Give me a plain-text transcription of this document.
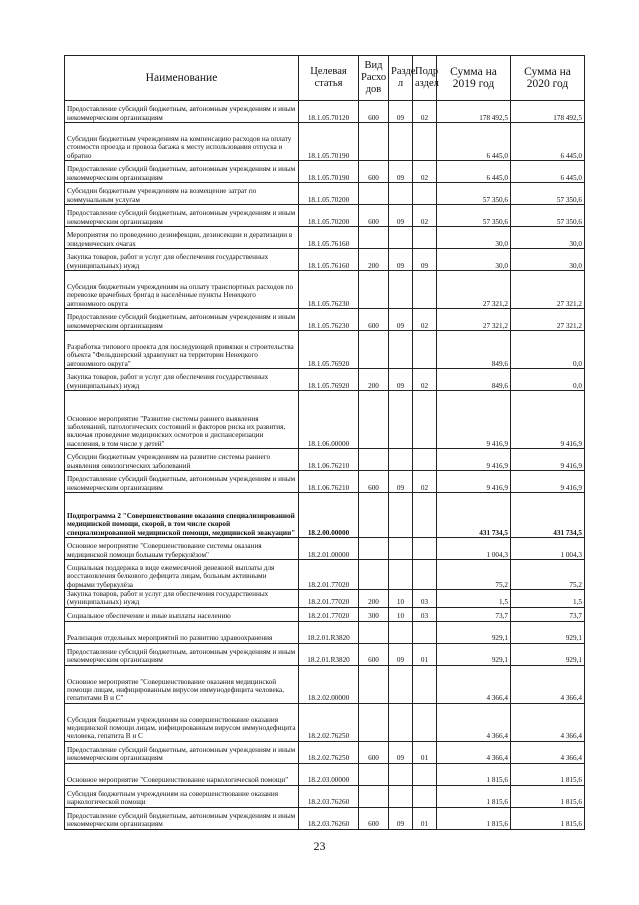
Наименование	Целевая статья	Вид Расхо дов	Разде л	Подр аздел	Сумма на 2019 год	Сумма на 2020 год
Предоставление субсидий бюджетным, автономным учреждениям и иным некоммерческим организациям	18.1.05.70120	600	09	02	178 492,5	178 492,5
Субсидии бюджетным учреждениям на компенсацию расходов на оплату стоимости проезда и провоза багажа к месту использования отпуска и обратно	18.1.05.70190				6 445,0	6 445,0
Предоставление субсидий бюджетным, автономным учреждениям и иным некоммерческим организациям	18.1.05.70190	600	09	02	6 445,0	6 445,0
Субсидии бюджетным учреждениям на возмещение затрат по коммунальным услугам	18.1.05.70200				57 350,6	57 350,6
Предоставление субсидий бюджетным, автономным учреждениям и иным некоммерческим организациям	18.1.05.70200	600	09	02	57 350,6	57 350,6
Мероприятия по проведению дезинфекции, дезинсекции и дератизации в эпидемических очагах	18.1.05.76160				30,0	30,0
Закупка товаров, работ и услуг для обеспечения государственных (муниципальных) нужд	18.1.05.76160	200	09	09	30,0	30,0
Субсидия бюджетным учреждениям на оплату транспортных расходов по перевозке врачебных бригад в населённые пункты Ненецкого автономного округа	18.1.05.76230				27 321,2	27 321,2
Предоставление субсидий бюджетным, автономным учреждениям и иным некоммерческим организациям	18.1.05.76230	600	09	02	27 321,2	27 321,2
Разработка типового проекта для последующей привязки и строительства объекта "Фельдшерский здравпункт на территории Ненецкого автономного округа"	18.1.05.76920				849,6	0,0
Закупка товаров, работ и услуг для обеспечения государственных (муниципальных) нужд	18.1.05.76920	200	09	02	849,6	0,0
Основное мероприятие "Развитие системы раннего выявления заболеваний, патологических состояний и факторов риска их развития, включая проведение медицинских осмотров и диспансеризации населения, в том числе у детей"	18.1.06.00000				9 416,9	9 416,9
Субсидии бюджетным учреждениям на развитие системы раннего выявления онкологических заболеваний	18.1.06.76210				9 416,9	9 416,9
Предоставление субсидий бюджетным, автономным учреждениям и иным некоммерческим организациям	18.1.06.76210	600	09	02	9 416,9	9 416,9
Подпрограмма 2 "Совершенствование оказания специализированной медицинской помощи, скорой, в том числе скорой специализированной медицинской помощи, медицинской эвакуации"	18.2.00.00000				431 734,5	431 734,5
Основное мероприятие "Совершенствование системы оказания медицинской помощи больным туберкулёзом"	18.2.01.00000				1 004,3	1 004,3
Социальная поддержка в виде ежемесячной денежной выплаты для восстановления белкового дефицита лицам, больным активными формами туберкулёза	18.2.01.77020				75,2	75,2
Закупка товаров, работ и услуг для обеспечения государственных (муниципальных) нужд	18.2.01.77020	200	10	03	1,5	1,5
Социальное обеспечение и иные выплаты населению	18.2.01.77020	300	10	03	73,7	73,7
Реализация отдельных мероприятий по развитию здравоохранения	18.2.01.R3820				929,1	929,1
Предоставление субсидий бюджетным, автономным учреждениям и иным некоммерческим организациям	18.2.01.R3820	600	09	01	929,1	929,1
Основное мероприятие "Совершенствование оказания медицинской помощи лицам, инфицированным вирусом иммунодефицита человека, гепатитами B и C"	18.2.02.00000				4 366,4	4 366,4
Субсидия бюджетным учреждениям на совершенствование оказания медицинской помощи лицам, инфицированным вирусом иммунодефицита человека, гепатита B и C	18.2.02.76250				4 366,4	4 366,4
Предоставление субсидий бюджетным, автономным учреждениям и иным некоммерческим организациям	18.2.02.76250	600	09	01	4 366,4	4 366,4
Основное мероприятие "Совершенствование наркологической помощи"	18.2.03.00000				1 815,6	1 815,6
Субсидия бюджетным учреждениям на совершенствование оказания наркологической помощи	18.2.03.76260				1 815,6	1 815,6
Предоставление субсидий бюджетным, автономным учреждениям и иным некоммерческим организациям	18.2.03.76260	600	09	01	1 815,6	1 815,6
23
